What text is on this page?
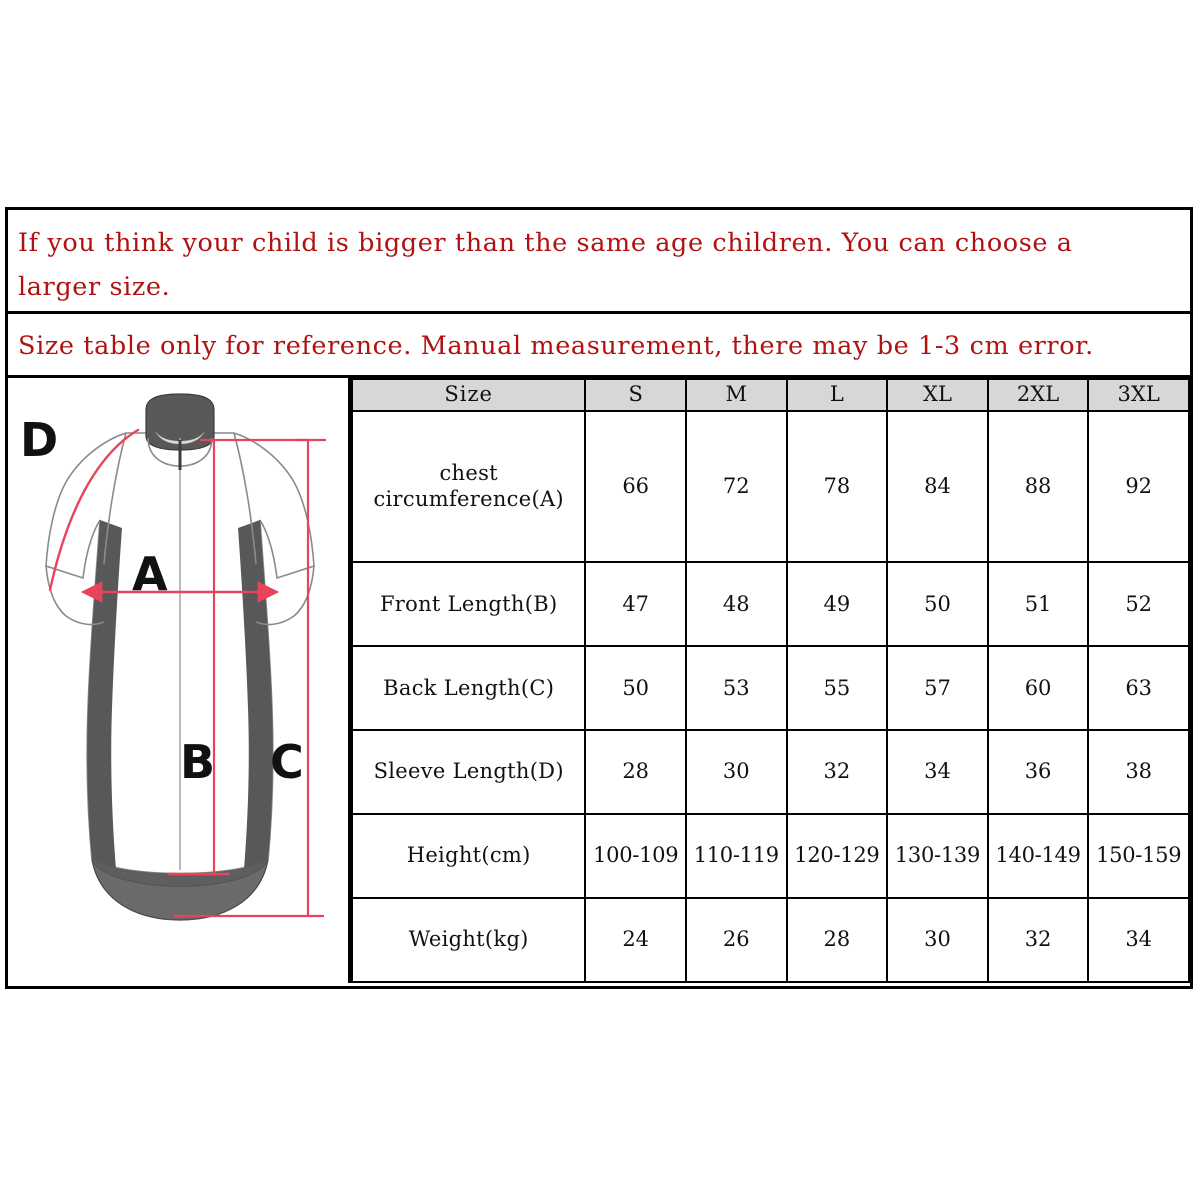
If you think your child is bigger than the same age children. You can choose a
larger size.
Size table only for reference. Manual measurement, there may be 1-3 cm error.
D
A
B C
Size	S	M	L	XL	2XL	3XL
chest
circumference(A)	66	72	78	84	88	92
Front Length(B)	47	48	49	50	51	52
Back Length(C)	50	53	55	57	60	63
Sleeve Length(D)	28	30	32	34	36	38
Height(cm)	100-109	110-119	120-129	130-139	140-149	150-159
Weight(kg)	24	26	28	30	32	34
